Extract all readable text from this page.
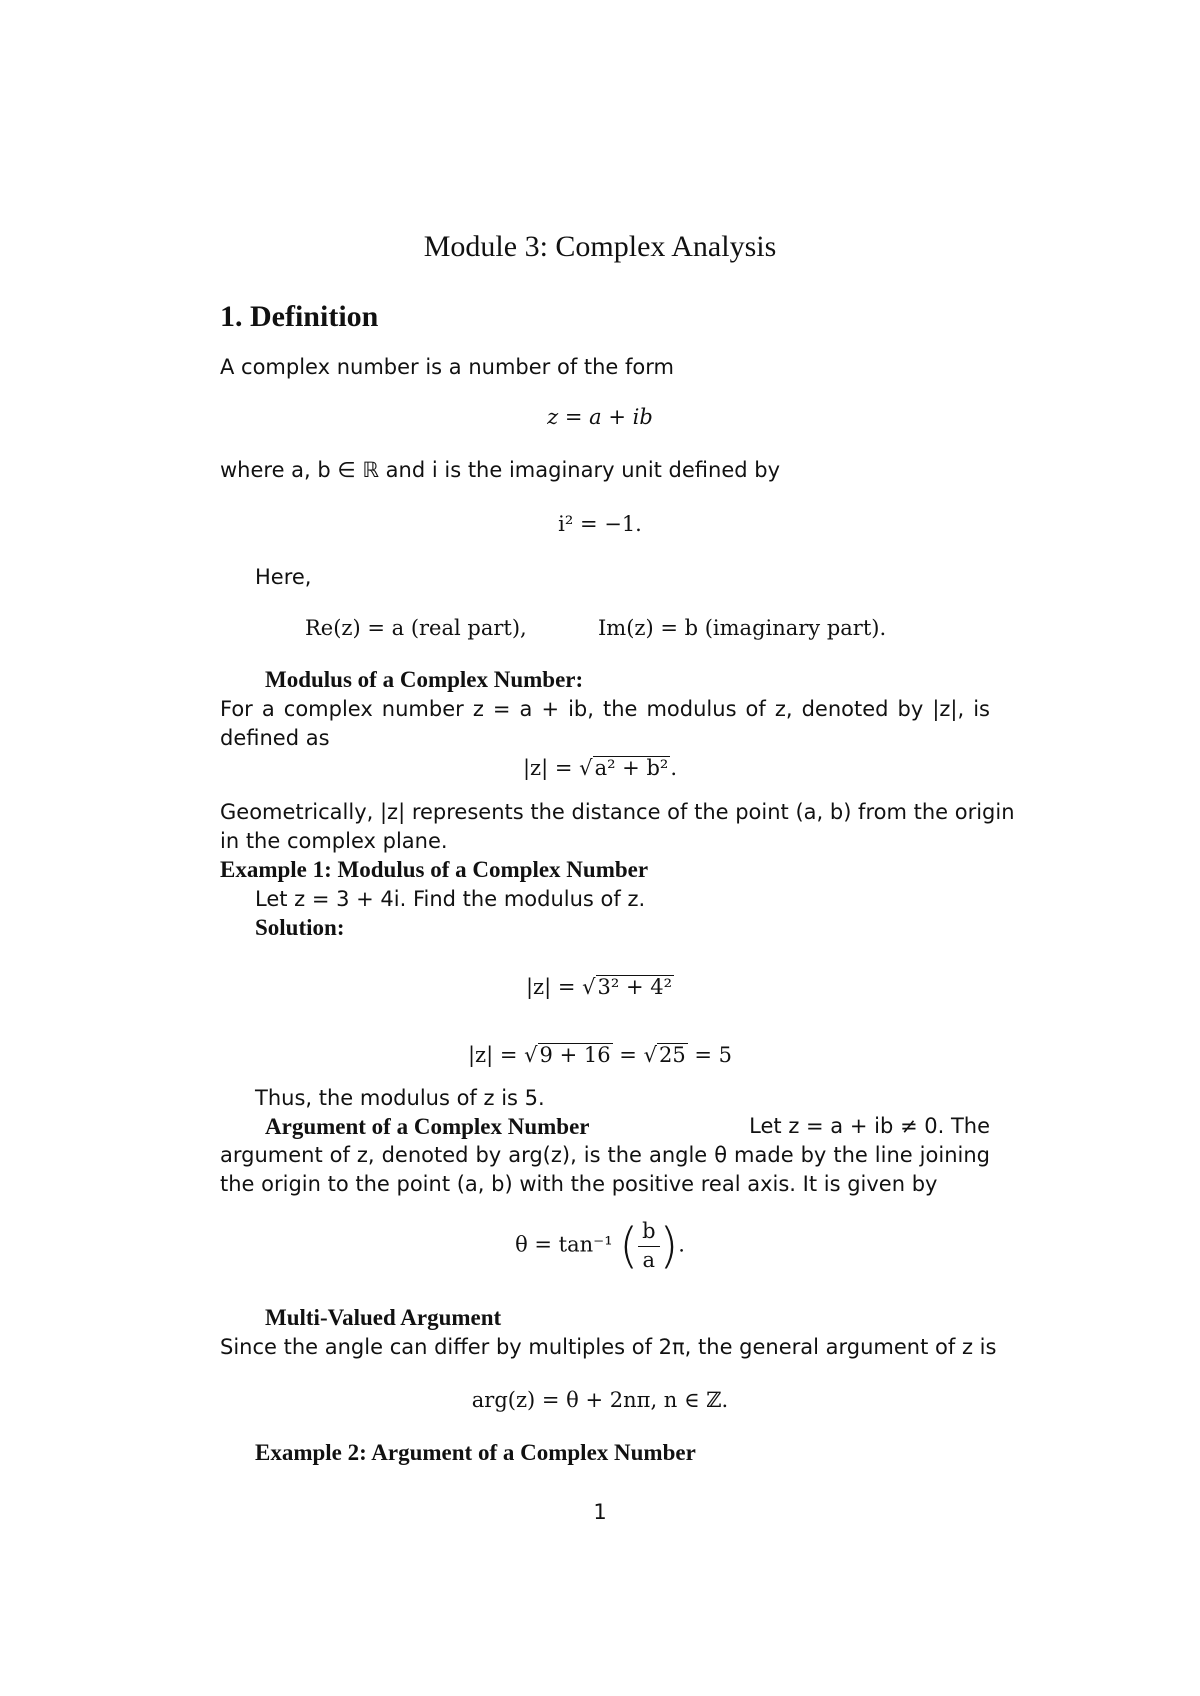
Module 3: Complex Analysis
1. Definition
A complex number is a number of the form
z = a + ib
where a, b ∈ ℝ and i is the imaginary unit defined by
i² = −1.
Here,
Re(z) = a (real part),	Im(z) = b (imaginary part).
Modulus of a Complex Number:
For a complex number z = a + ib, the modulus of z, denoted by |z|, is
defined as
|z| = √a² + b².
Geometrically, |z| represents the distance of the point (a, b) from the origin
in the complex plane.
Example 1: Modulus of a Complex Number
Let z = 3 + 4i. Find the modulus of z.
Solution:
|z| = √3² + 4²
|z| = √9 + 16 = √25 = 5
Thus, the modulus of z is 5.
Argument of a Complex Number	Let z = a + ib ≠ 0. The
argument of z, denoted by arg(z), is the angle θ made by the line joining
the origin to the point (a, b) with the positive real axis. It is given by
θ = tan⁻¹ ( $\frac{b}{a}$ ).
Multi-Valued Argument
Since the angle can differ by multiples of 2π, the general argument of z is
arg(z) = θ + 2nπ, n ∈ ℤ.
Example 2: Argument of a Complex Number
1
